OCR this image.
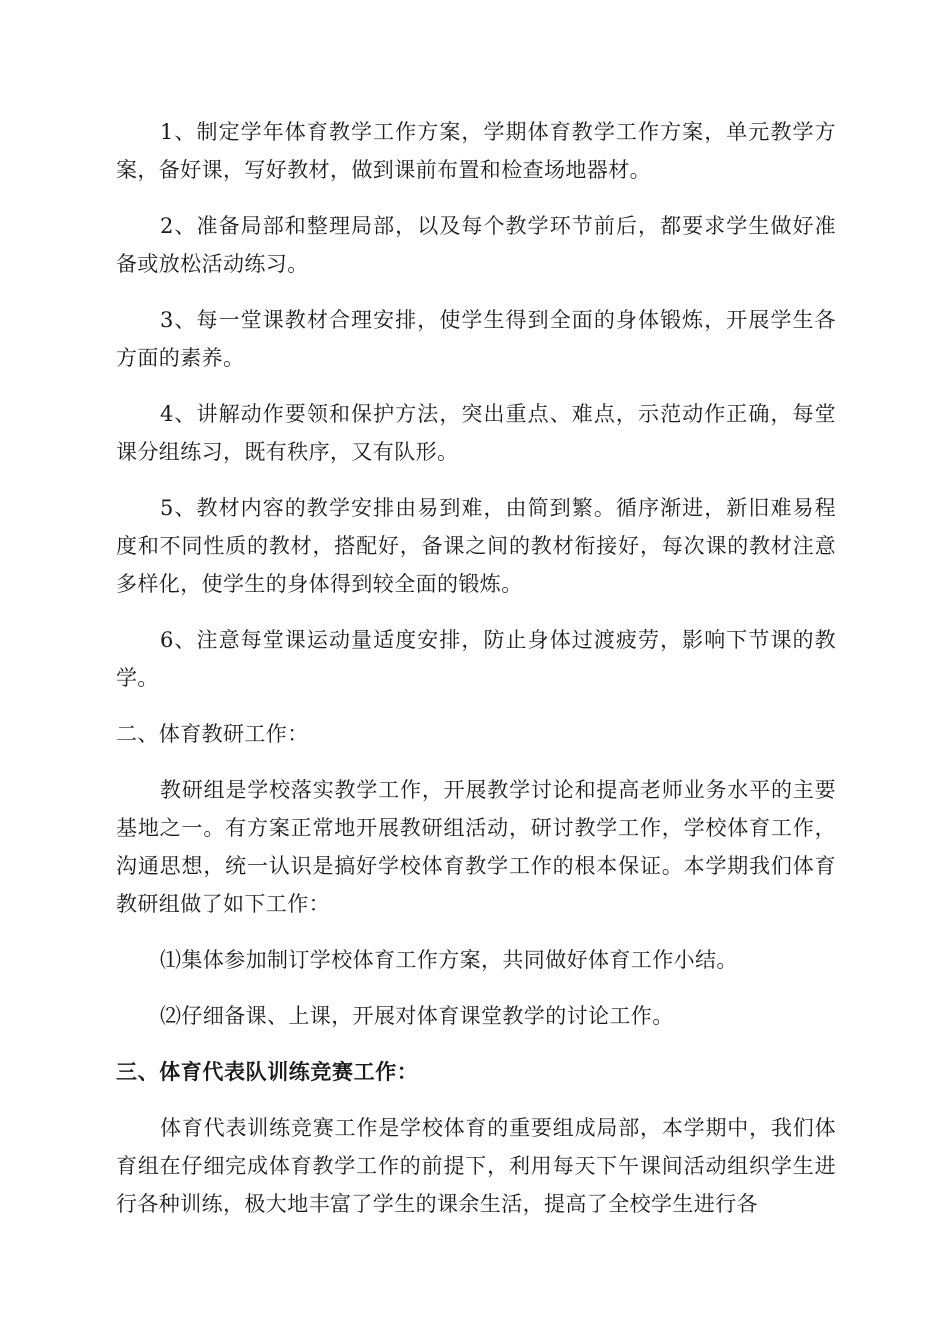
1、制定学年体育教学工作方案，学期体育教学工作方案，单元教学方案，备好课，写好教材，做到课前布置和检查场地器材。

2、准备局部和整理局部，以及每个教学环节前后，都要求学生做好准备或放松活动练习。

3、每一堂课教材合理安排，使学生得到全面的身体锻炼，开展学生各方面的素养。

4、讲解动作要领和保护方法，突出重点、难点，示范动作正确，每堂课分组练习，既有秩序，又有队形。

5、教材内容的教学安排由易到难，由简到繁。循序渐进，新旧难易程度和不同性质的教材，搭配好，备课之间的教材衔接好，每次课的教材注意多样化，使学生的身体得到较全面的锻炼。

6、注意每堂课运动量适度安排，防止身体过渡疲劳，影响下节课的教学。

二、体育教研工作：

教研组是学校落实教学工作，开展教学讨论和提高老师业务水平的主要基地之一。有方案正常地开展教研组活动，研讨教学工作，学校体育工作，沟通思想，统一认识是搞好学校体育教学工作的根本保证。本学期我们体育教研组做了如下工作：

⑴集体参加制订学校体育工作方案，共同做好体育工作小结。

⑵仔细备课、上课，开展对体育课堂教学的讨论工作。

三、体育代表队训练竞赛工作：

体育代表训练竞赛工作是学校体育的重要组成局部，本学期中，我们体育组在仔细完成体育教学工作的前提下，利用每天下午课间活动组织学生进行各种训练，极大地丰富了学生的课余生活，提高了全校学生进行各
